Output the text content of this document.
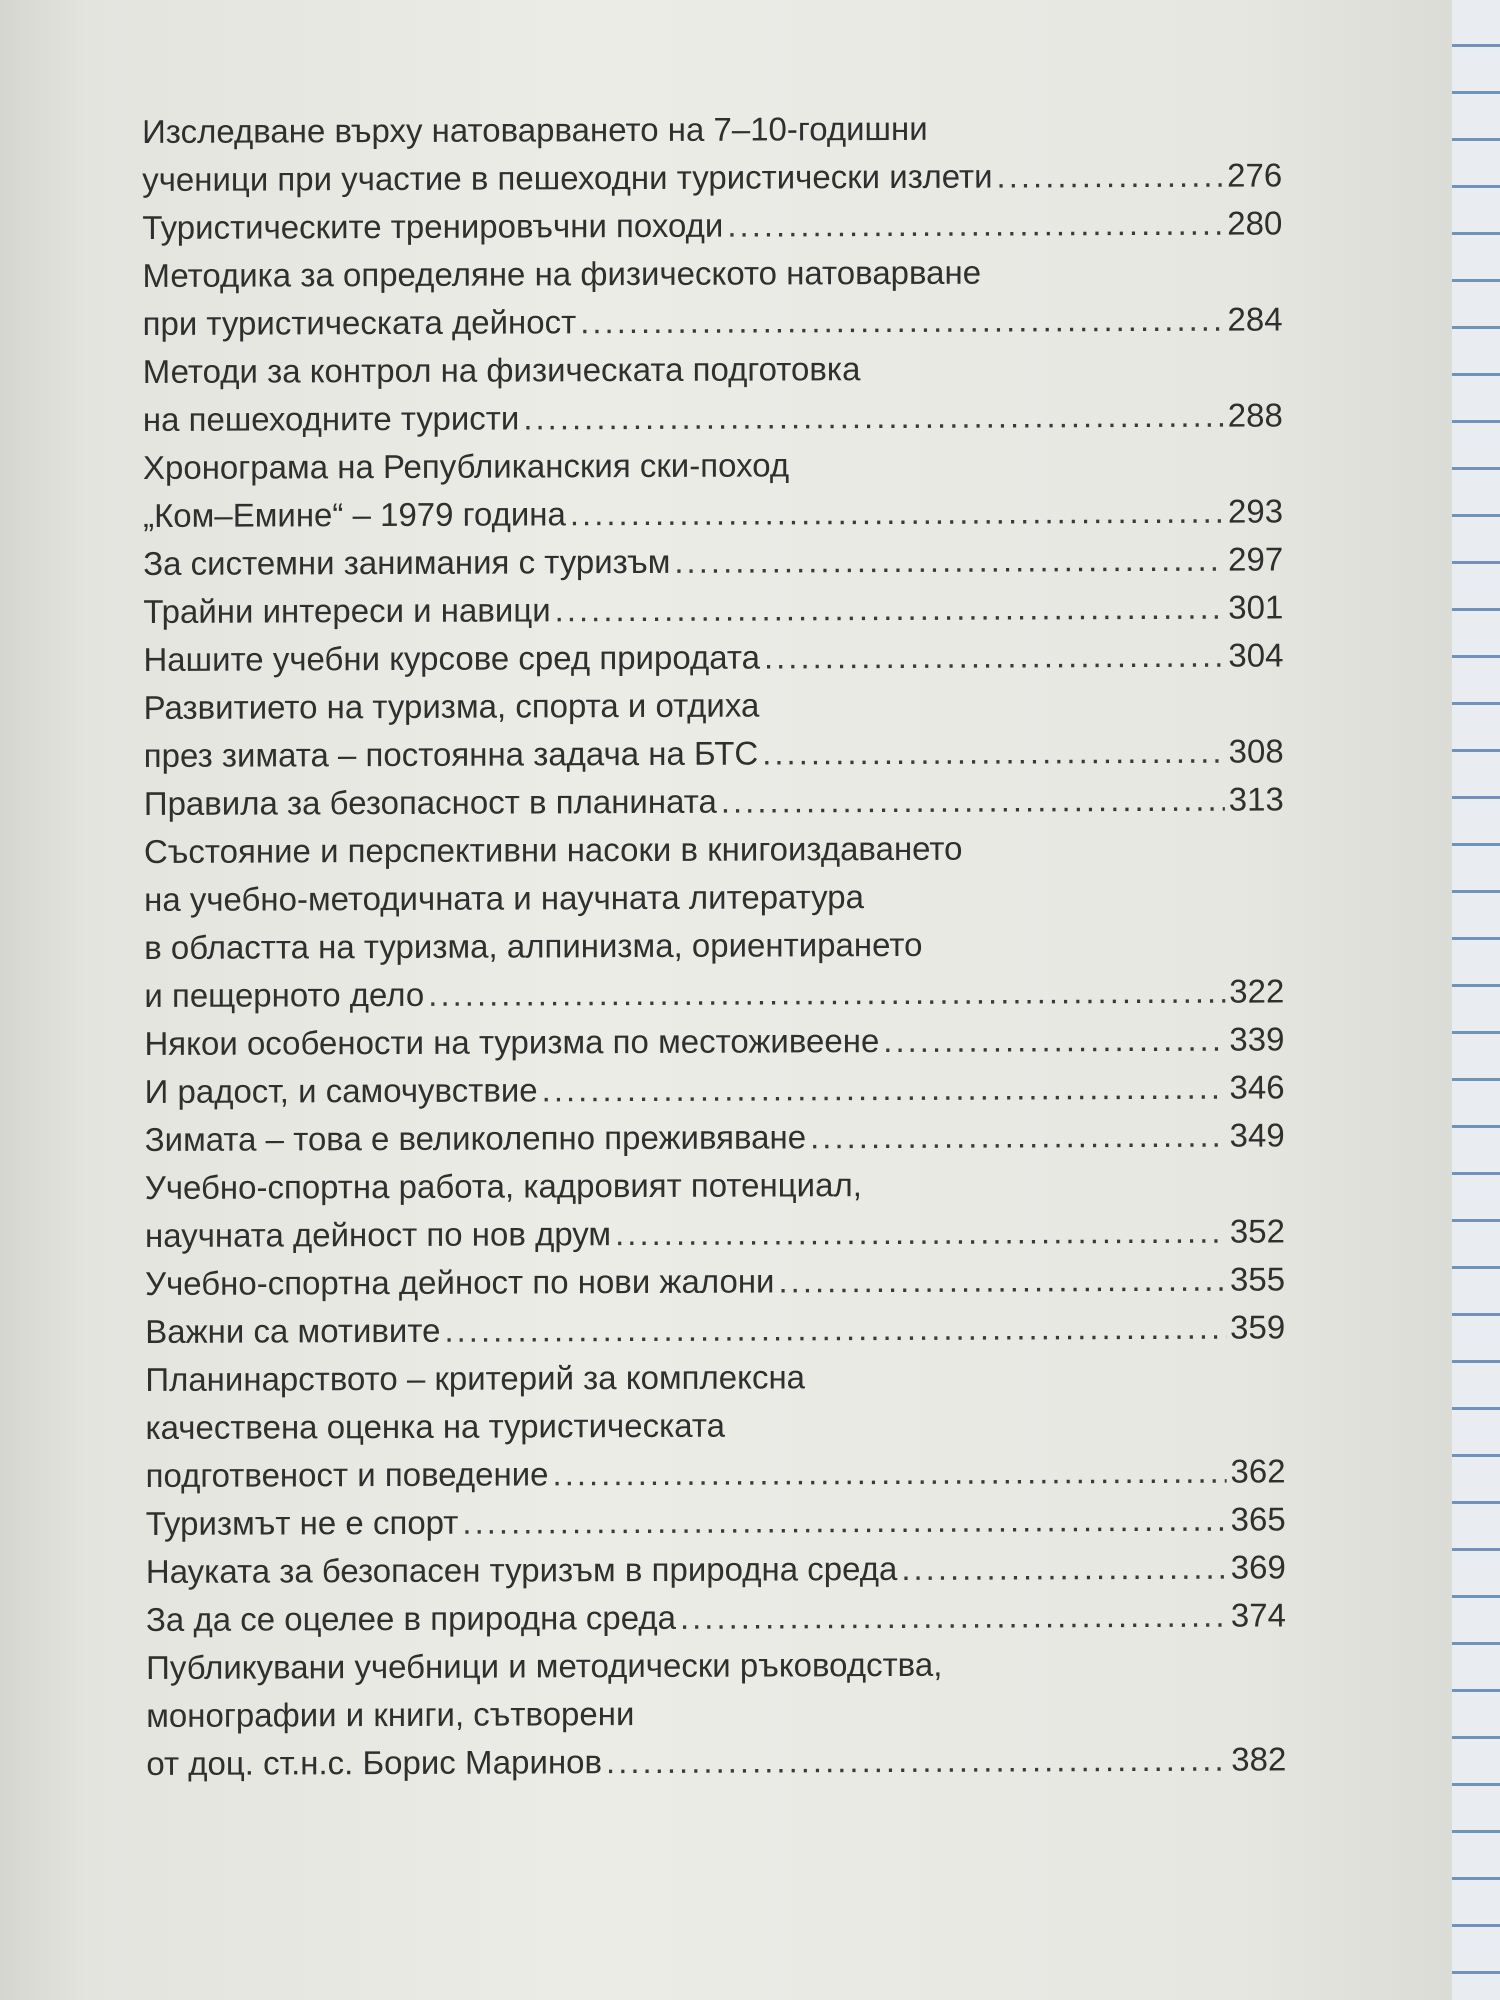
Изследване върху натоварването на 7–10-годишни
ученици при участие в пешеходни туристически излети .....	276
Туристическите тренировъчни походи .....	280
Методика за определяне на физическото натоварване
при туристическата дейност .....	284
Методи за контрол на физическата подготовка
на пешеходните туристи .....	288
Хронограма на Републиканския ски-поход
„Ком–Емине“ – 1979 година .....	293
За системни занимания с туризъм .....	297
Трайни интереси и навици .....	301
Нашите учебни курсове сред природата .....	304
Развитието на туризма, спорта и отдиха
през зимата – постоянна задача на БТС .....	308
Правила за безопасност в планината .....	313
Състояние и перспективни насоки в книгоиздаването
на учебно-методичната и научната литература
в областта на туризма, алпинизма, ориентирането
и пещерното дело .....	322
Някои особености на туризма по местоживеене .....	339
И радост, и самочувствие .....	346
Зимата – това е великолепно преживяване .....	349
Учебно-спортна работа, кадровият потенциал,
научната дейност по нов друм .....	352
Учебно-спортна дейност по нови жалони .....	355
Важни са мотивите .....	359
Планинарството – критерий за комплексна
качествена оценка на туристическата
подготвеност и поведение .....	362
Туризмът не е спорт .....	365
Науката за безопасен туризъм в природна среда .....	369
За да се оцелее в природна среда .....	374
Публикувани учебници и методически ръководства,
монографии и книги, сътворени
от доц. ст.н.с. Борис Маринов .....	382
